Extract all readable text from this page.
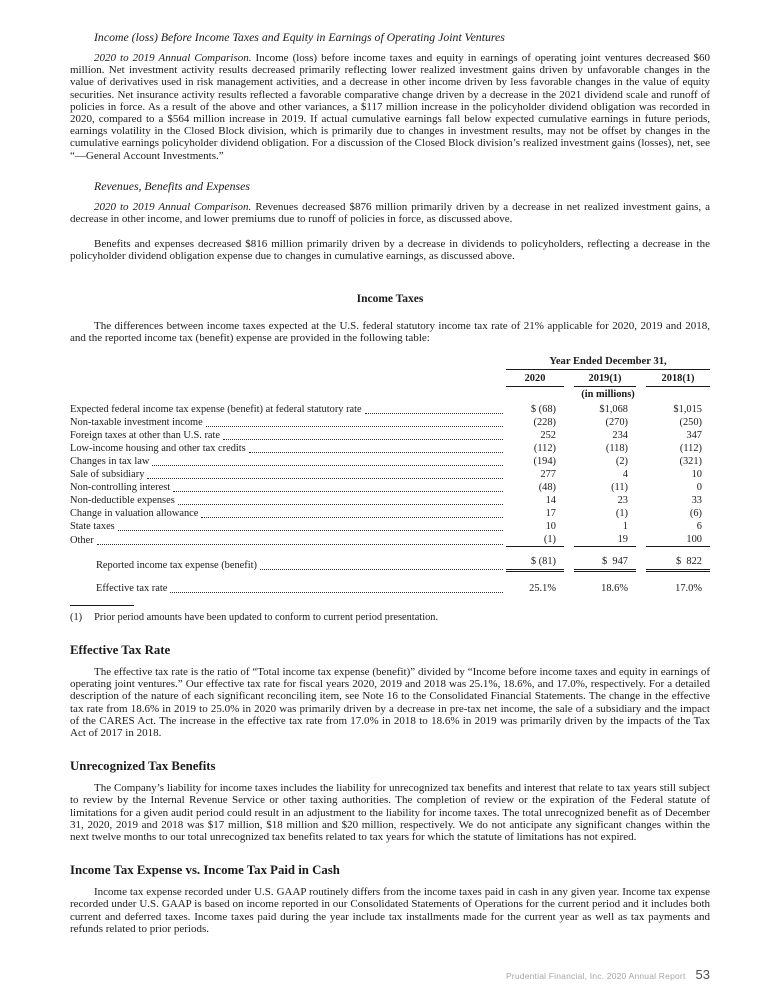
Income (loss) Before Income Taxes and Equity in Earnings of Operating Joint Ventures

2020 to 2019 Annual Comparison. Income (loss) before income taxes and equity in earnings of operating joint ventures decreased $60 million. Net investment activity results decreased primarily reflecting lower realized investment gains driven by unfavorable changes in the value of derivatives used in risk management activities, and a decrease in other income driven by less favorable changes in the value of equity securities. Net insurance activity results reflected a favorable comparative change driven by a decrease in the 2021 dividend scale and runoff of policies in force. As a result of the above and other variances, a $117 million increase in the policyholder dividend obligation was recorded in 2020, compared to a $564 million increase in 2019. If actual cumulative earnings fall below expected cumulative earnings in future periods, earnings volatility in the Closed Block division, which is primarily due to changes in investment results, may not be offset by changes in the cumulative earnings policyholder dividend obligation. For a discussion of the Closed Block division’s realized investment gains (losses), net, see “—General Account Investments.”

Revenues, Benefits and Expenses

2020 to 2019 Annual Comparison. Revenues decreased $876 million primarily driven by a decrease in net realized investment gains, a decrease in other income, and lower premiums due to runoff of policies in force, as discussed above.

Benefits and expenses decreased $816 million primarily driven by a decrease in dividends to policyholders, reflecting a decrease in the policyholder dividend obligation expense due to changes in cumulative earnings, as discussed above.

Income Taxes

The differences between income taxes expected at the U.S. federal statutory income tax rate of 21% applicable for 2020, 2019 and 2018, and the reported income tax (benefit) expense are provided in the following table:

Year Ended December 31,
2020	2019(1)	2018(1)
(in millions)
Expected federal income tax expense (benefit) at federal statutory rate	$ (68)	$1,068	$1,015
Non-taxable investment income	(228)	(270)	(250)
Foreign taxes at other than U.S. rate	252	234	347
Low-income housing and other tax credits	(112)	(118)	(112)
Changes in tax law	(194)	(2)	(321)
Sale of subsidiary	277	4	10
Non-controlling interest	(48)	(11)	0
Non-deductible expenses	14	23	33
Change in valuation allowance	17	(1)	(6)
State taxes	10	1	6
Other	(1)	19	100
Reported income tax expense (benefit)	$ (81)	$  947	$  822
Effective tax rate	25.1%	18.6%	17.0%
(1) Prior period amounts have been updated to conform to current period presentation.
Effective Tax Rate

The effective tax rate is the ratio of “Total income tax expense (benefit)” divided by “Income before income taxes and equity in earnings of operating joint ventures.” Our effective tax rate for fiscal years 2020, 2019 and 2018 was 25.1%, 18.6%, and 17.0%, respectively. For a detailed description of the nature of each significant reconciling item, see Note 16 to the Consolidated Financial Statements. The change in the effective tax rate from 18.6% in 2019 to 25.0% in 2020 was primarily driven by a decrease in pre-tax net income, the sale of a subsidiary and the impact of the CARES Act. The increase in the effective tax rate from 17.0% in 2018 to 18.6% in 2019 was primarily driven by the impacts of the Tax Act of 2017 in 2018.

Unrecognized Tax Benefits

The Company’s liability for income taxes includes the liability for unrecognized tax benefits and interest that relate to tax years still subject to review by the Internal Revenue Service or other taxing authorities. The completion of review or the expiration of the Federal statute of limitations for a given audit period could result in an adjustment to the liability for income taxes. The total unrecognized benefit as of December 31, 2020, 2019 and 2018 was $17 million, $18 million and $20 million, respectively. We do not anticipate any significant changes within the next twelve months to our total unrecognized tax benefits related to tax years for which the statute of limitations has not expired.

Income Tax Expense vs. Income Tax Paid in Cash

Income tax expense recorded under U.S. GAAP routinely differs from the income taxes paid in cash in any given year. Income tax expense recorded under U.S. GAAP is based on income reported in our Consolidated Statements of Operations for the current period and it includes both current and deferred taxes. Income taxes paid during the year include tax installments made for the current year as well as tax payments and refunds related to prior periods.

Prudential Financial, Inc. 2020 Annual Report 53
